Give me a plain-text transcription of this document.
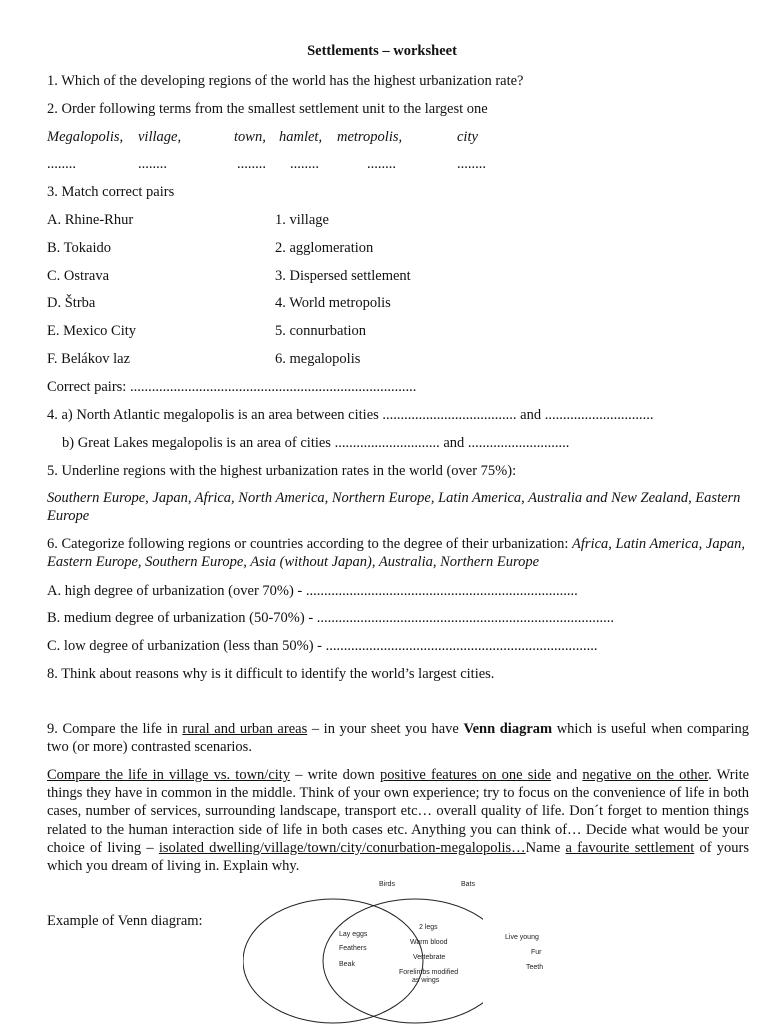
Settlements – worksheet
1. Which of the developing regions of the world has the highest urbanization rate?
2. Order following terms from the smallest settlement unit to the largest one
Megalopolis, village,	town, hamlet, metropolis,	city
........	........	........ ........	........	........
3. Match correct pairs
A. Rhine-Rhur	1. village
B. Tokaido	2. agglomeration
C. Ostrava	3. Dispersed settlement
D. Štrba	4. World metropolis
E. Mexico City	5. connurbation
F. Belákov laz	6. megalopolis
Correct pairs: ...............................................................................
4. a) North Atlantic megalopolis is an area between cities ..................................... and ..............................
b) Great Lakes megalopolis is an area of cities ............................. and ............................
5. Underline regions with the highest urbanization rates in the world (over 75%):
Southern Europe, Japan, Africa, North America, Northern Europe, Latin America, Australia and New Zealand, Eastern Europe
6. Categorize following regions or countries according to the degree of their urbanization: Africa, Latin America, Japan, Eastern Europe, Southern Europe, Asia (without Japan), Australia, Northern Europe
A. high degree of urbanization (over 70%) - ...........................................................................
B. medium degree of urbanization (50-70%) - ..................................................................................
C. low degree of urbanization (less than 50%) - ...........................................................................
8. Think about reasons why is it difficult to identify the world’s largest cities.
9. Compare the life in rural and urban areas – in your sheet you have Venn diagram which is useful when comparing two (or more) contrasted scenarios.
Compare the life in village vs. town/city – write down positive features on one side and negative on the other. Write things they have in common in the middle. Think of your own experience; try to focus on the convenience of life in both cases, number of services, surrounding landscape, transport etc… overall quality of life. Don´t forget to mention things related to the human interaction side of life in both cases etc. Anything you can think of… Decide what would be your choice of living – isolated dwelling/village/town/city/conurbation-megalopolis…Name a favourite settlement of yours which you dream of living in. Explain why.
Example of Venn diagram:
Birds	Bats
Lay eggs
Feathers
Beak
2 legs
Warm blood
Vertebrate
Forelimbs modified
as wings
Live young
Fur
Teeth
